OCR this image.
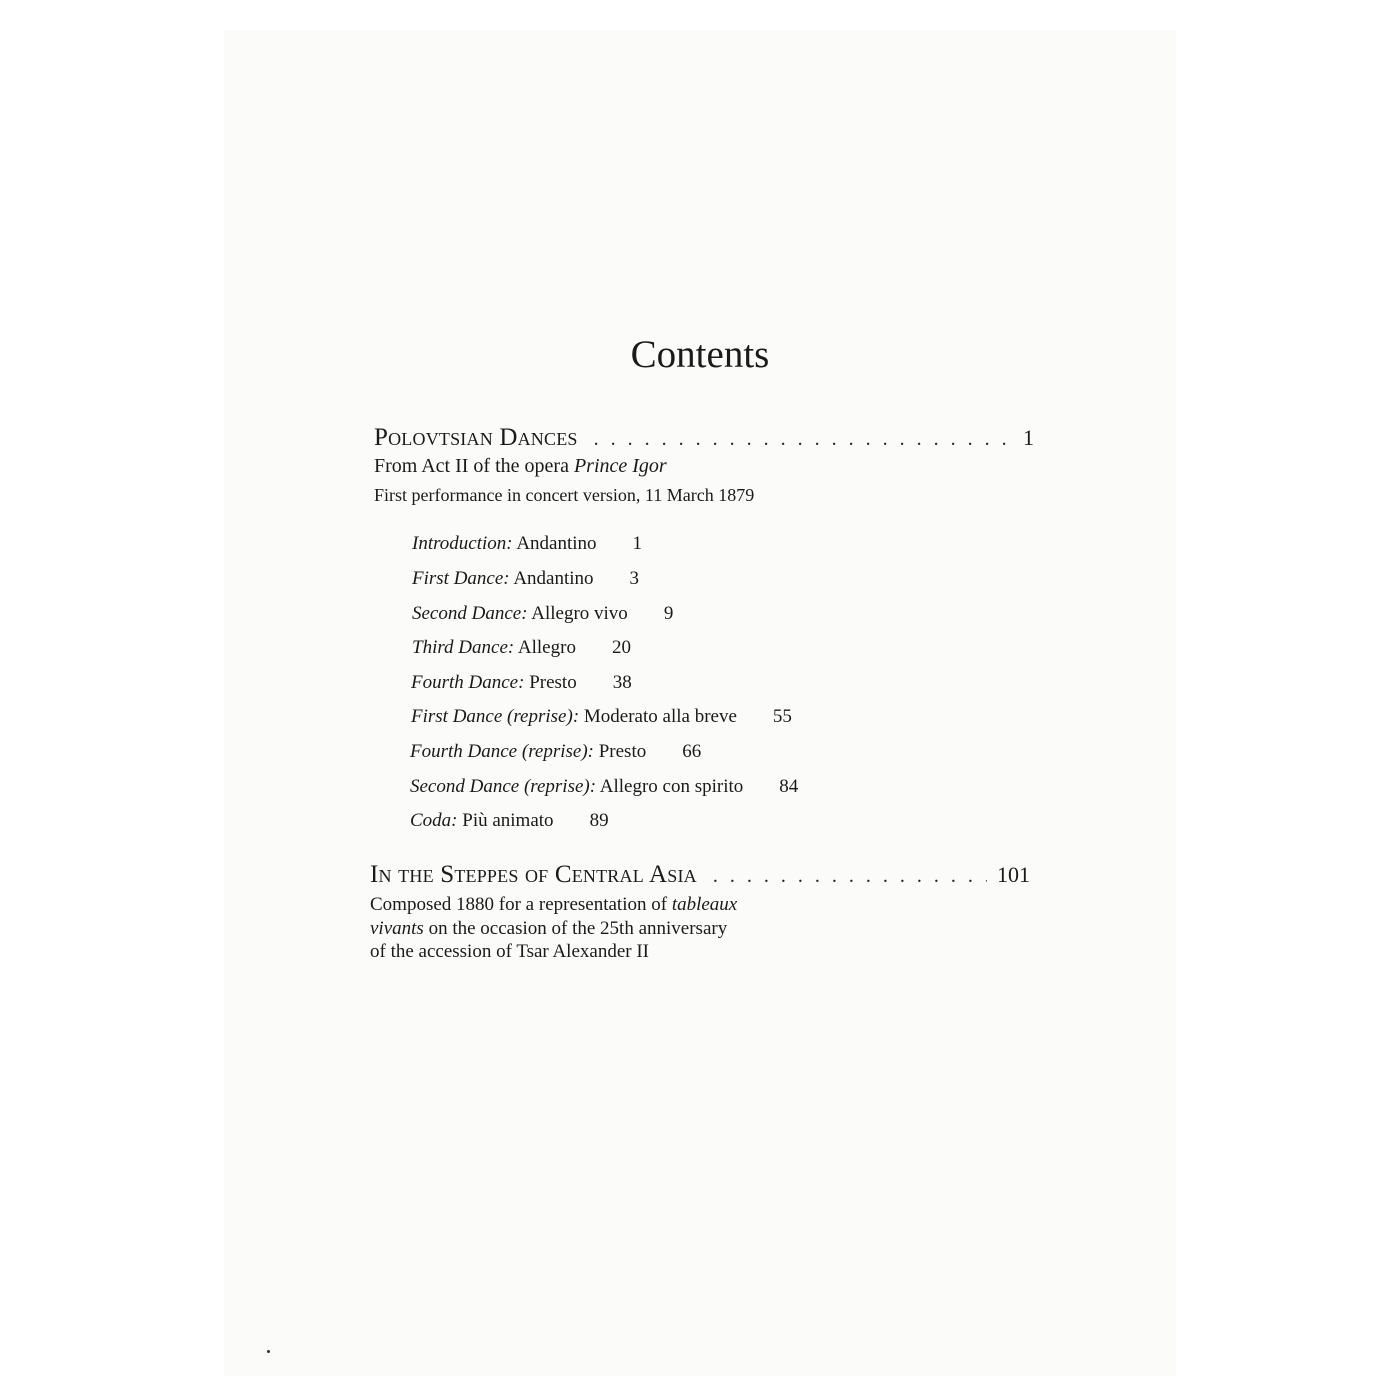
Contents
Polovtsian Dances . . .	1
From Act II of the opera Prince Igor
First performance in concert version, 11 March 1879
Introduction: Andantino 1
First Dance: Andantino 3
Second Dance: Allegro vivo 9
Third Dance: Allegro 20
Fourth Dance: Presto 38
First Dance (reprise): Moderato alla breve 55
Fourth Dance (reprise): Presto 66
Second Dance (reprise): Allegro con spirito 84
Coda: Più animato 89
In the Steppes of Central Asia . . .	101
Composed 1880 for a representation of tableaux
vivants on the occasion of the 25th anniversary
of the accession of Tsar Alexander II
